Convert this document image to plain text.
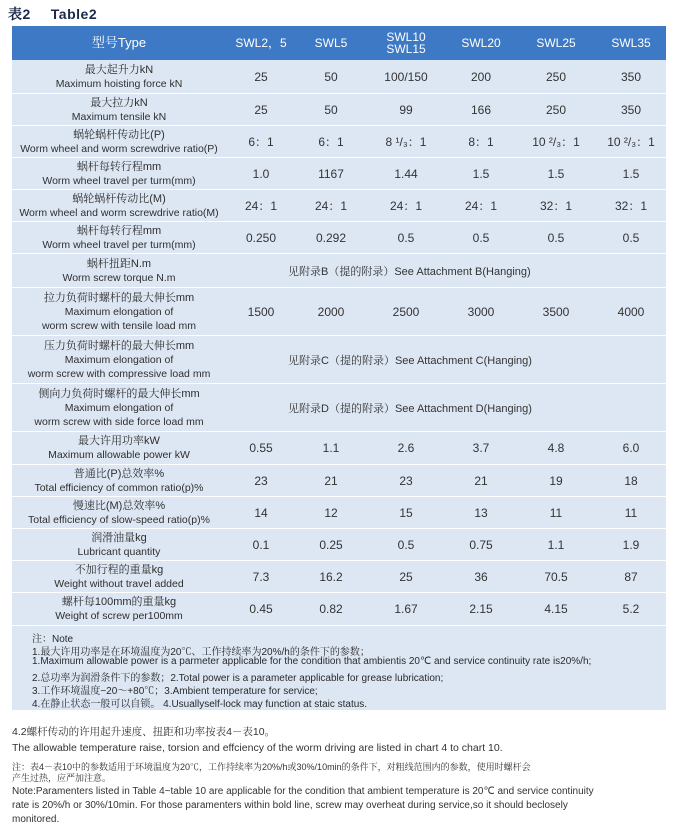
表2 Table2
型号Type	SWL2，5	SWL5	SWL10
SWL15	SWL20	SWL25	SWL35
最大起升力kN
Maximum hoisting force kN	25	50	100/150	200	250	350
最大拉力kN
Maximum tensile kN	25	50	99	166	250	350
蜗轮蜗杆传动比(P)
Worm wheel and worm screwdrive ratio(P)	6：1	6：1	8 ¹/₃：1	8：1	10 ²/₃：1	10 ²/₃：1
蜗杆每转行程mm
Worm wheel travel per turm(mm)	1.0	1167	1.44	1.5	1.5	1.5
蜗轮蜗杆传动比(M)
Worm wheel and worm screwdrive ratio(M)	24：1	24：1	24：1	24：1	32：1	32：1
蜗杆每转行程mm
Worm wheel travel per turm(mm)	0.250	0.292	0.5	0.5	0.5	0.5
蜗杆扭距N.m
Worm screw torque N.m	见附录B（提的附录）See Attachment B(Hanging)
拉力负荷时螺杆的最大伸长mm
Maximum elongation of
worm screw with tensile load mm
1500	2000	2500	3000	3500	4000
压力负荷时螺杆的最大伸长mm
Maximum elongation of
worm screw with compressive load mm
见附录C（提的附录）See Attachment C(Hanging)
侧向力负荷时螺杆的最大伸长mm
Maximum elongation of
worm screw with side force load mm
见附录D（提的附录）See Attachment D(Hanging)
最大许用功率kW
Maximum allowable power kW	0.55	1.1	2.6	3.7	4.8	6.0
普通比(P)总效率%
Total efficiency of common ratio(p)%	23	21	23	21	19	18
慢速比(M)总效率%
Total efficiency of slow-speed ratio(p)%	14	12	15	13	11	11
润滑油量kg
Lubricant quantity	0.1	0.25	0.5	0.75	1.1	1.9
不加行程的重量kg
Weight without travel added	7.3	16.2	25	36	70.5	87
螺杆每100mm的重量kg
Weight of screw per100mm	0.45	0.82	1.67	2.15	4.15	5.2
注：Note
1.最大许用功率是在环境温度为20℃、工作持续率为20%/h的条件下的参数；
1.Maximum allowable power is a parmeter applicable for the condition that ambientis 20℃ and service continuity rate is20%/h;
2.总功率为润滑条件下的参数；2.Total power is a parameter applicable for grease lubrication;
3.工作环境温度−20～+80℃；3.Ambient temperature for service;
4.在静止状态一般可以自锁。 4.Usuallyself-lock may function at staic status.
4.2螺杆传动的许用起升速度、扭距和功率按表4－表10。
The allowable temperature raise, torsion and effciency of the worm driving are listed in chart 4 to chart 10.
注：表4－表10中的参数适用于环境温度为20℃，工作持续率为20%/h或30%/10min的条件下，对粗线范围内的参数，使用时螺杆会
产生过热，应严加注意。
Note:Paramenters listed in Table 4~table 10 are applicable for the condition that ambient temperature is 20℃ and service continuity
rate is 20%/h or 30%/10min. For those paramenters within bold line, screw may overheat during service,so it should beclosely
monitored.
